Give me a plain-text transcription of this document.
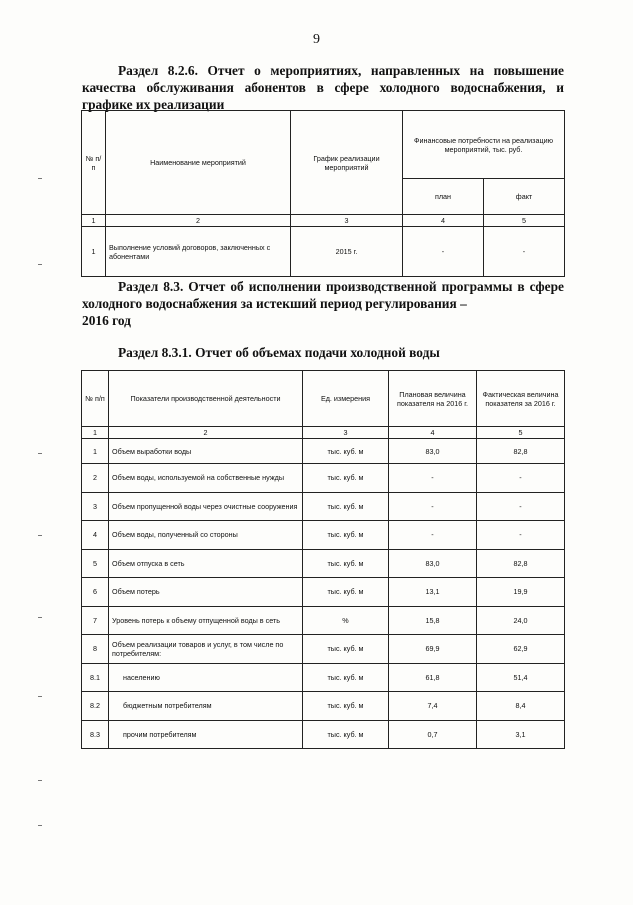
9
Раздел 8.2.6. Отчет о мероприятиях, направленных на повышение качества обслуживания абонентов в сфере холодного водоснабжения, и графике их реализации
№ п/п	Наименование мероприятий	График реализации мероприятий	Финансовые потребности на реализацию мероприятий, тыс. руб.	
			план	факт
1	2	3	4	5
1	Выполнение условий договоров, заключенных с абонентами	2015 г.	-	-
Раздел 8.3. Отчет об исполнении производственной программы в сфере холодного водоснабжения за истекший период регулирования –
2016 год
Раздел 8.3.1. Отчет об объемах подачи холодной воды
№ п/п	Показатели производственной деятельности	Ед. измерения	Плановая величина показателя на 2016 г.	Фактическая величина показателя за 2016 г.
1	2	3	4	5
1	Объем выработки воды	тыс. куб. м	83,0	82,8
2	Объем воды, используемой на собственные нужды	тыс. куб. м	-	-
3	Объем пропущенной воды через очистные сооружения	тыс. куб. м	-	-
4	Объем воды, полученный со стороны	тыс. куб. м	-	-
5	Объем отпуска в сеть	тыс. куб. м	83,0	82,8
6	Объем потерь	тыс. куб. м	13,1	19,9
7	Уровень потерь к объему отпущенной воды в сеть	%	15,8	24,0
8	Объем реализации товаров и услуг, в том числе по потребителям:	тыс. куб. м	69,9	62,9
8.1	населению	тыс. куб. м	61,8	51,4
8.2	бюджетным потребителям	тыс. куб. м	7,4	8,4
8.3	прочим потребителям	тыс. куб. м	0,7	3,1
